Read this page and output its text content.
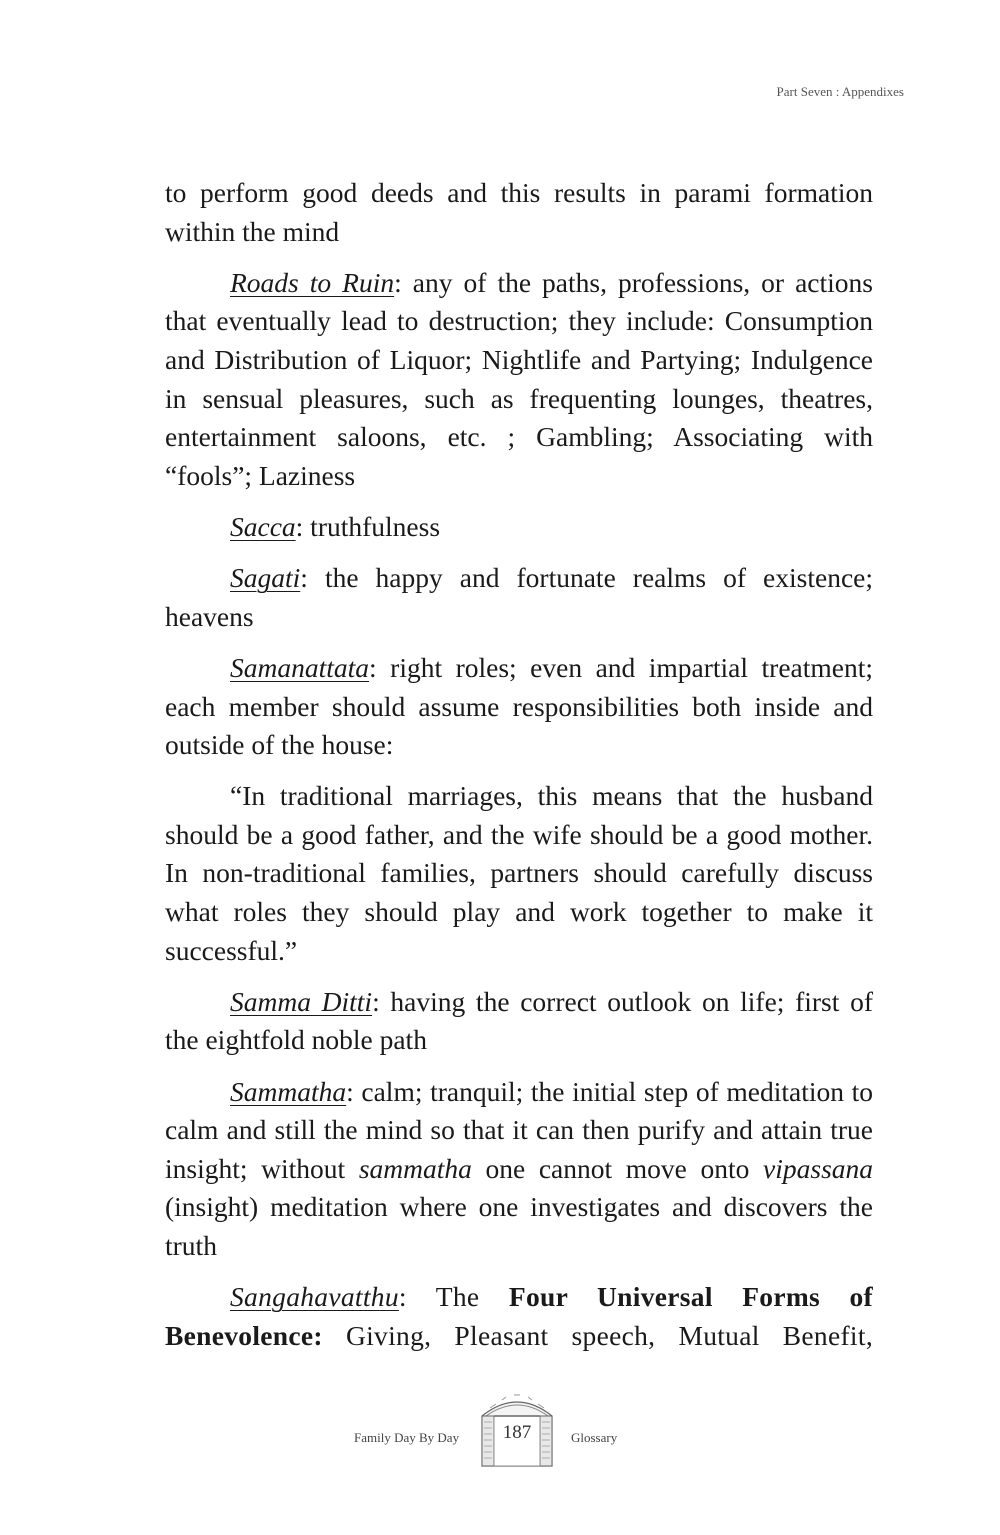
Part Seven : Appendixes

to perform good deeds and this results in parami formation within the mind

Roads to Ruin: any of the paths, professions, or actions that eventually lead to destruction; they include: Consumption and Distribution of Liquor; Nightlife and Partying; Indulgence in sensual pleasures, such as frequenting lounges, theatres, entertainment saloons, etc. ; Gambling; Associating with “fools”; Laziness

Sacca: truthfulness

Sagati: the happy and fortunate realms of existence; heavens

Samanattata: right roles; even and impartial treatment; each member should assume responsibilities both inside and outside of the house:

“In traditional marriages, this means that the husband should be a good father, and the wife should be a good mother. In non-traditional families, partners should carefully discuss what roles they should play and work together to make it successful.”

Samma Ditti: having the correct outlook on life; first of the eightfold noble path

Sammatha: calm; tranquil; the initial step of meditation to calm and still the mind so that it can then purify and attain true insight; without sammatha one cannot move onto vipassana (insight) meditation where one investigates and discovers the truth

Sangahavatthu: The Four Universal Forms of Benevolence: Giving, Pleasant speech, Mutual Benefit,

Family Day By Day	187	Glossary
